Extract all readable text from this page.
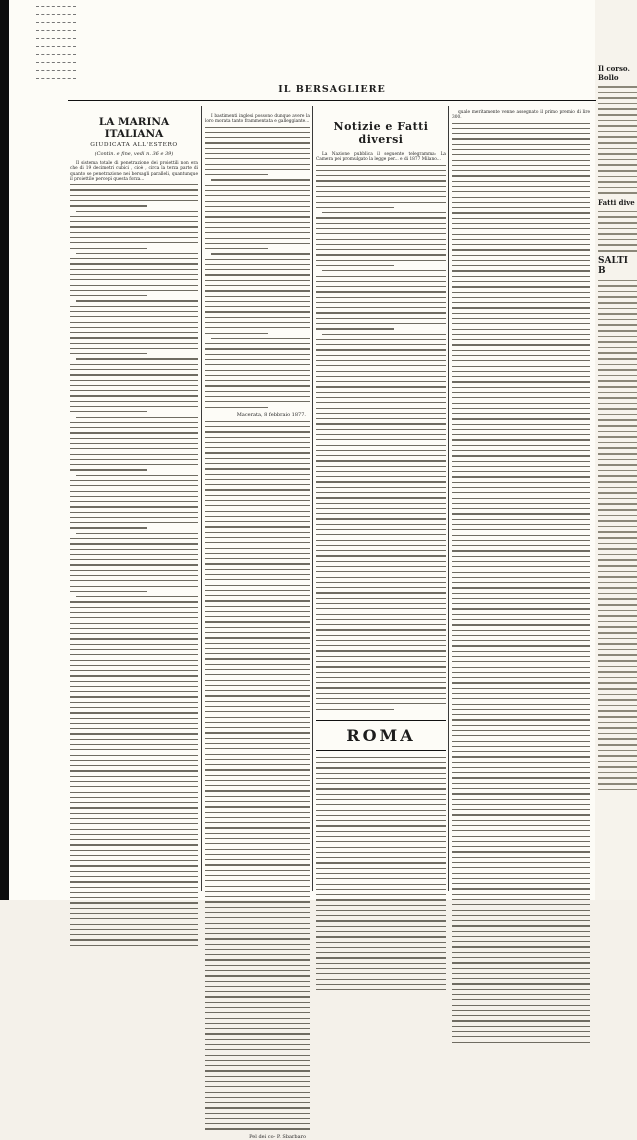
IL BERSAGLIERE
LA MARINA ITALIANA
GIUDICATA ALL'ESTERO
(Contin. e fine, vedi n. 36 e 39)

Il sistema totale di penetrazione dei proiettili non era che di 19 decimetri cubici , cioè , circa la terza parte di quanto se penetrazione nei bersagli paralleli, quantunque il proiettile percepì questa forza...

I bastimenti inglesi possono dunque avere la loro morata tanto frammentata e galleggiante...

Macerata, 8 febbraio 1877.
Pel dei co- P. Sbarbaro
Notizie e Fatti diversi

La Nazione pubblica il seguente telegramma: La Camera pei promulgato la legge per... e di 1877 Milano...

ROMA

quale meritamente venne assegnato il primo premio di lire 300.

Il corso. Bollo
Fatti dive
SALTI B
